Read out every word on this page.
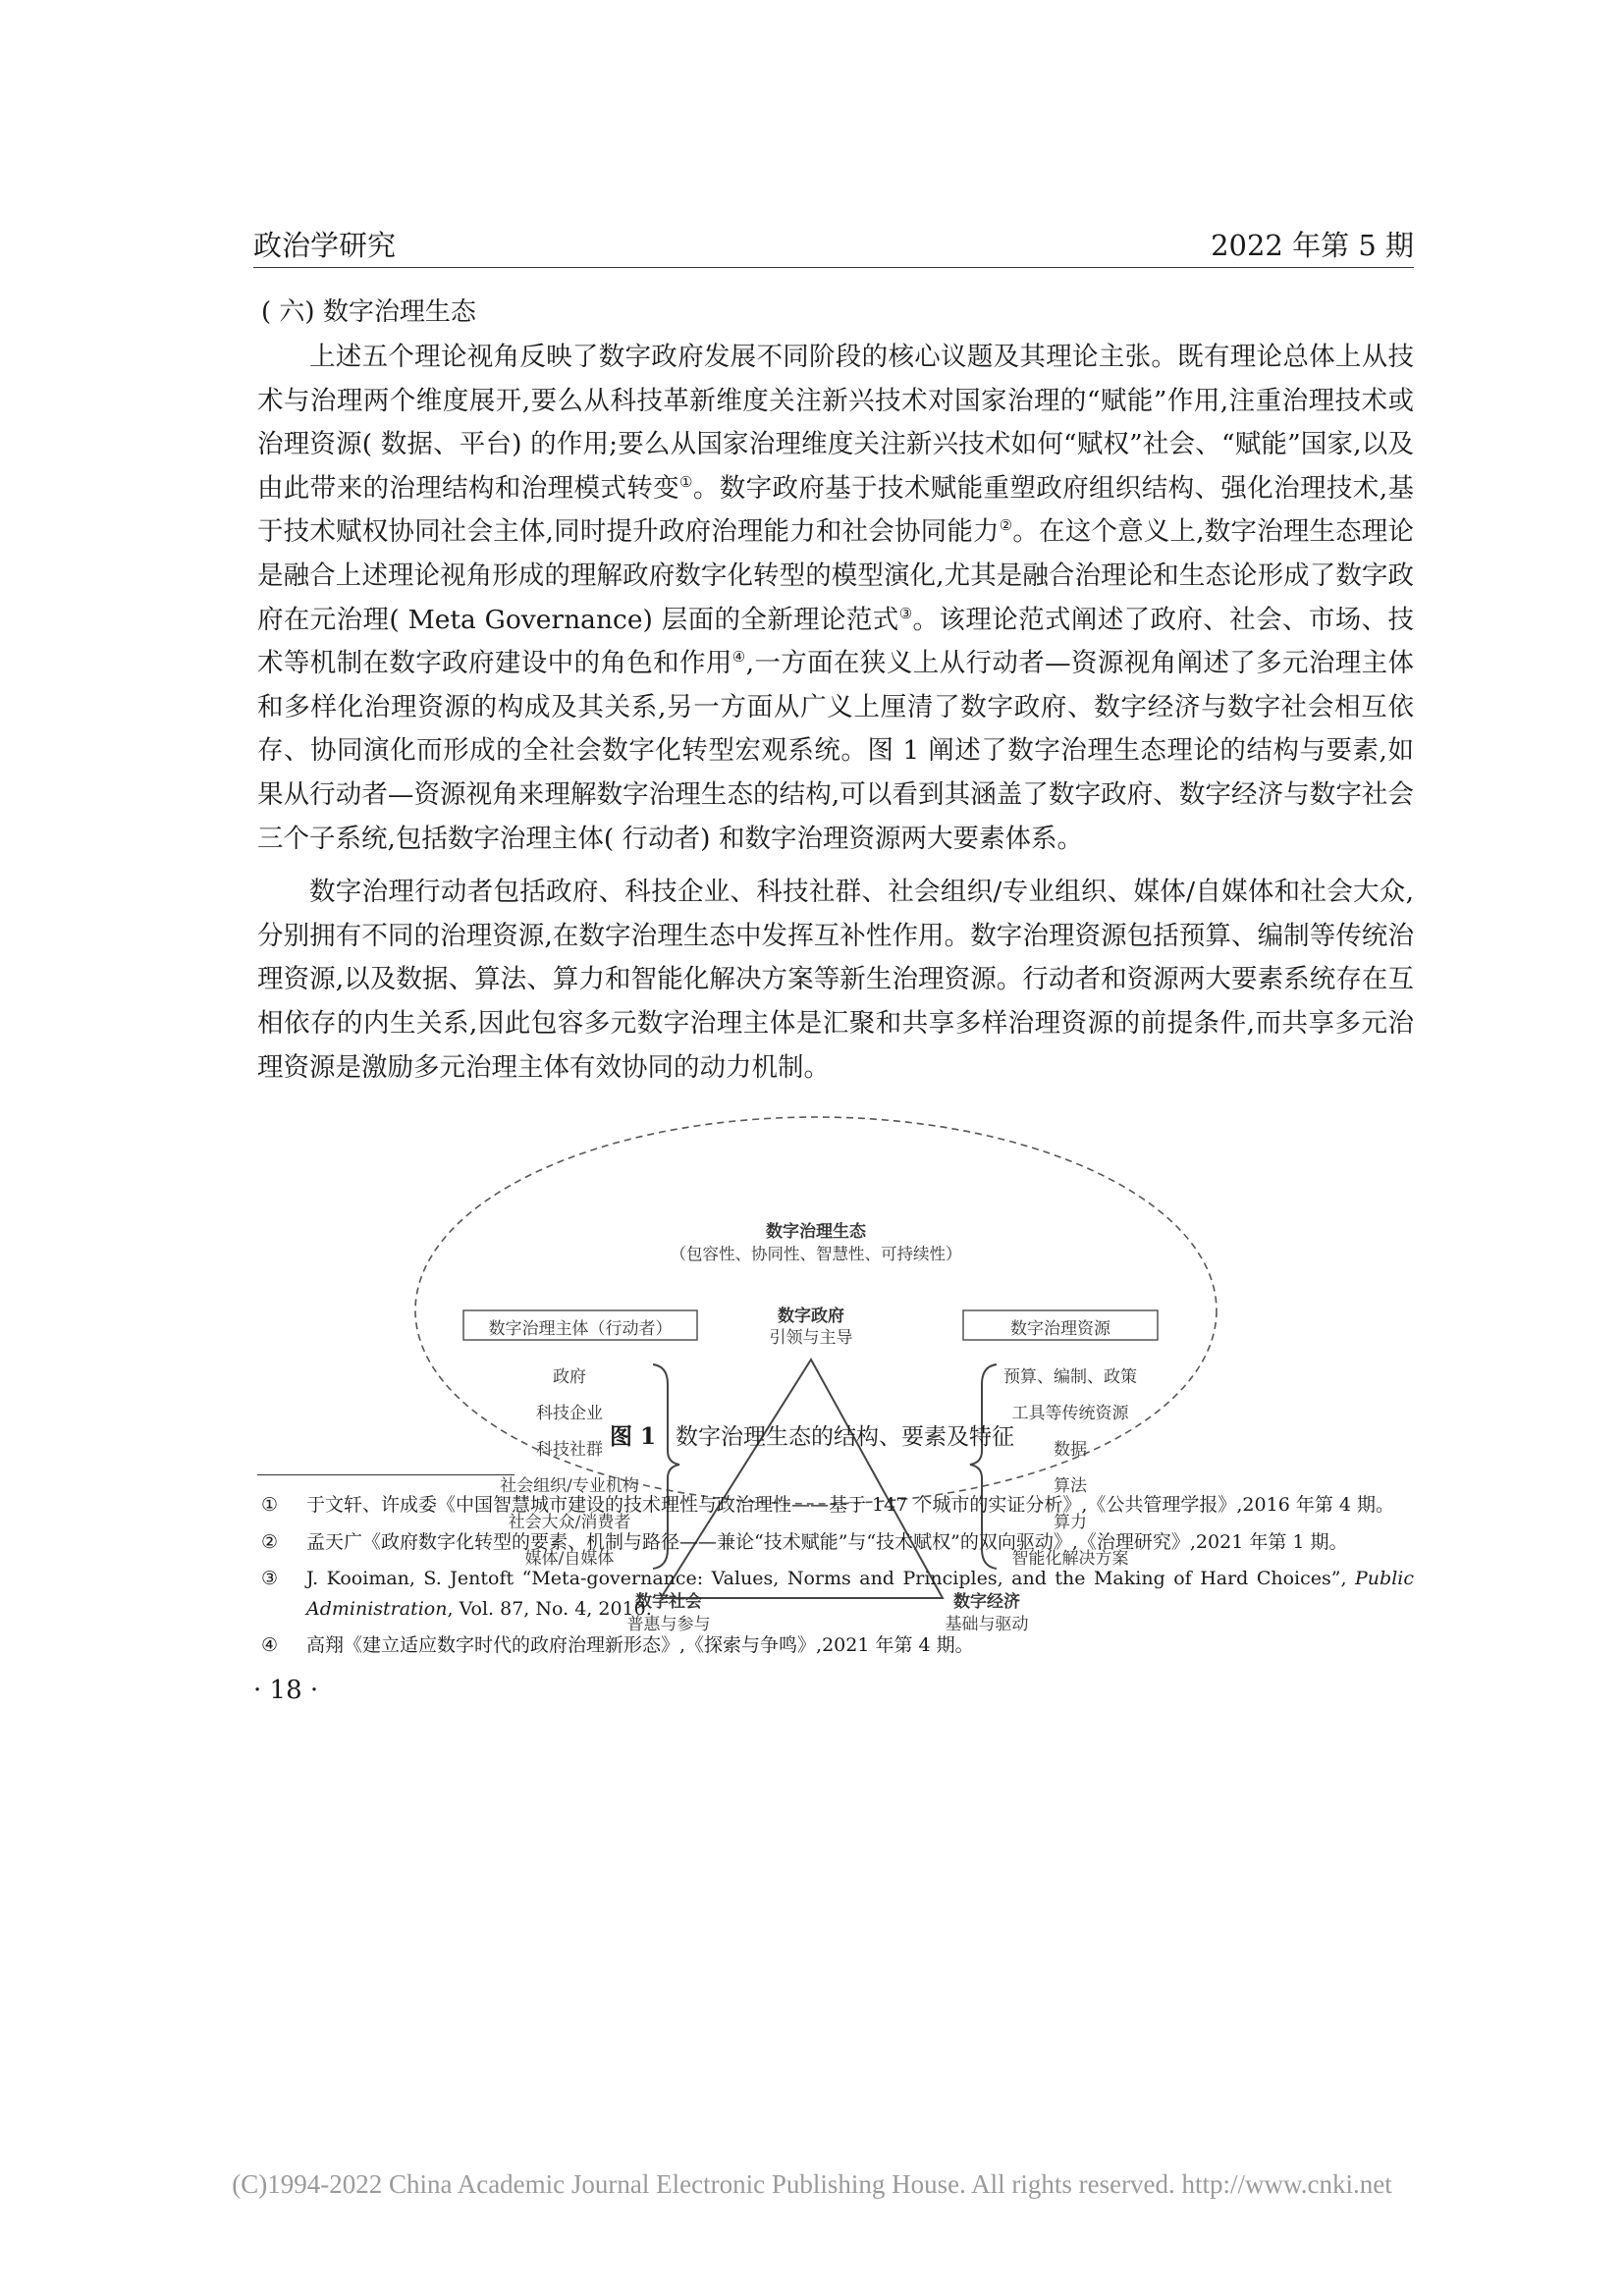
政治学研究	2022 年第 5 期
( 六) 数字治理生态

上述五个理论视角反映了数字政府发展不同阶段的核心议题及其理论主张。既有理论总体上从技术与治理两个维度展开,要么从科技革新维度关注新兴技术对国家治理的“赋能”作用,注重治理技术或治理资源( 数据、平台) 的作用;要么从国家治理维度关注新兴技术如何“赋权”社会、“赋能”国家,以及由此带来的治理结构和治理模式转变①。数字政府基于技术赋能重塑政府组织结构、强化治理技术,基于技术赋权协同社会主体,同时提升政府治理能力和社会协同能力②。在这个意义上,数字治理生态理论是融合上述理论视角形成的理解政府数字化转型的模型演化,尤其是融合治理论和生态论形成了数字政府在元治理( Meta Governance) 层面的全新理论范式③。该理论范式阐述了政府、社会、市场、技术等机制在数字政府建设中的角色和作用④,一方面在狭义上从行动者—资源视角阐述了多元治理主体和多样化治理资源的构成及其关系,另一方面从广义上厘清了数字政府、数字经济与数字社会相互依存、协同演化而形成的全社会数字化转型宏观系统。图 1 阐述了数字治理生态理论的结构与要素,如果从行动者—资源视角来理解数字治理生态的结构,可以看到其涵盖了数字政府、数字经济与数字社会三个子系统,包括数字治理主体( 行动者) 和数字治理资源两大要素体系。

数字治理行动者包括政府、科技企业、科技社群、社会组织/专业组织、媒体/自媒体和社会大众,分别拥有不同的治理资源,在数字治理生态中发挥互补性作用。数字治理资源包括预算、编制等传统治理资源,以及数据、算法、算力和智能化解决方案等新生治理资源。行动者和资源两大要素系统存在互相依存的内生关系,因此包容多元数字治理主体是汇聚和共享多样治理资源的前提条件,而共享多元治理资源是激励多元治理主体有效协同的动力机制。

数字治理生态
（包容性、协同性、智慧性、可持续性）
数字政府
引领与主导
数字治理主体（行动者）	数字治理资源
政府
科技企业
科技社群
社会组织/专业机构
社会大众/消费者
媒体/自媒体
预算、编制、政策
工具等传统资源
数据
算法
算力
智能化解决方案
数字社会
普惠与参与
数字经济
基础与驱动
图 1 数字治理生态的结构、要素及特征
① 于文轩、许成委《中国智慧城市建设的技术理性与政治理性——基于 147 个城市的实证分析》,《公共管理学报》,2016 年第 4 期。
② 孟天广《政府数字化转型的要素、机制与路径——兼论“技术赋能”与“技术赋权”的双向驱动》,《治理研究》,2021 年第 1 期。
③ J. Kooiman, S. Jentoft “Meta-governance: Values, Norms and Principles, and the Making of Hard Choices”, Public Administration, Vol. 87, No. 4, 2010.
④ 高翔《建立适应数字时代的政府治理新形态》,《探索与争鸣》,2021 年第 4 期。
· 18 ·
(C)1994-2022 China Academic Journal Electronic Publishing House. All rights reserved. http://www.cnki.net
